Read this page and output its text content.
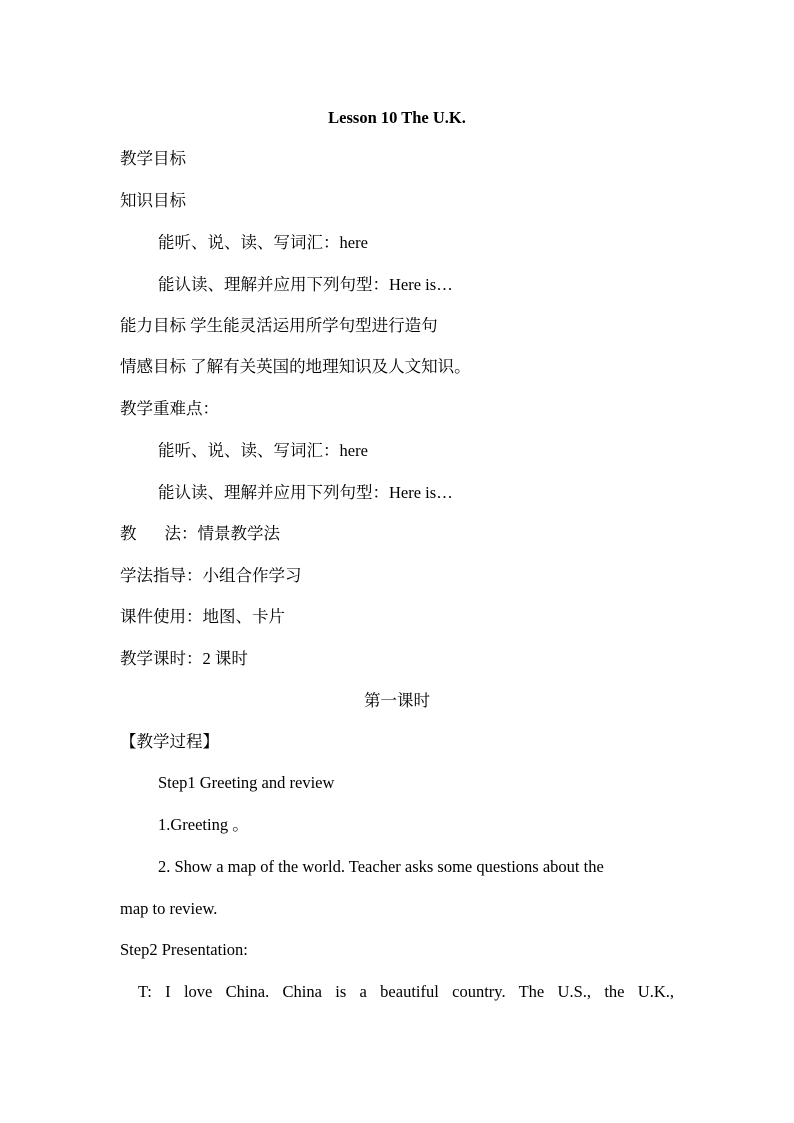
Lesson 10 The U.K.
教学目标
知识目标
能听、说、读、写词汇：here
能认读、理解并应用下列句型：Here is…
能力目标 学生能灵活运用所学句型进行造句
情感目标 了解有关英国的地理知识及人文知识。
教学重难点：
能听、说、读、写词汇：here
能认读、理解并应用下列句型：Here is…
教 法：情景教学法
学法指导：小组合作学习
课件使用：地图、卡片
教学课时：2 课时
第一课时
【教学过程】
Step1 Greeting and review
1.Greeting 。
2. Show a map of the world. Teacher asks some questions about the
map to review.
Step2 Presentation:
T: I love China. China is a beautiful country. The U.S., the U.K.,
